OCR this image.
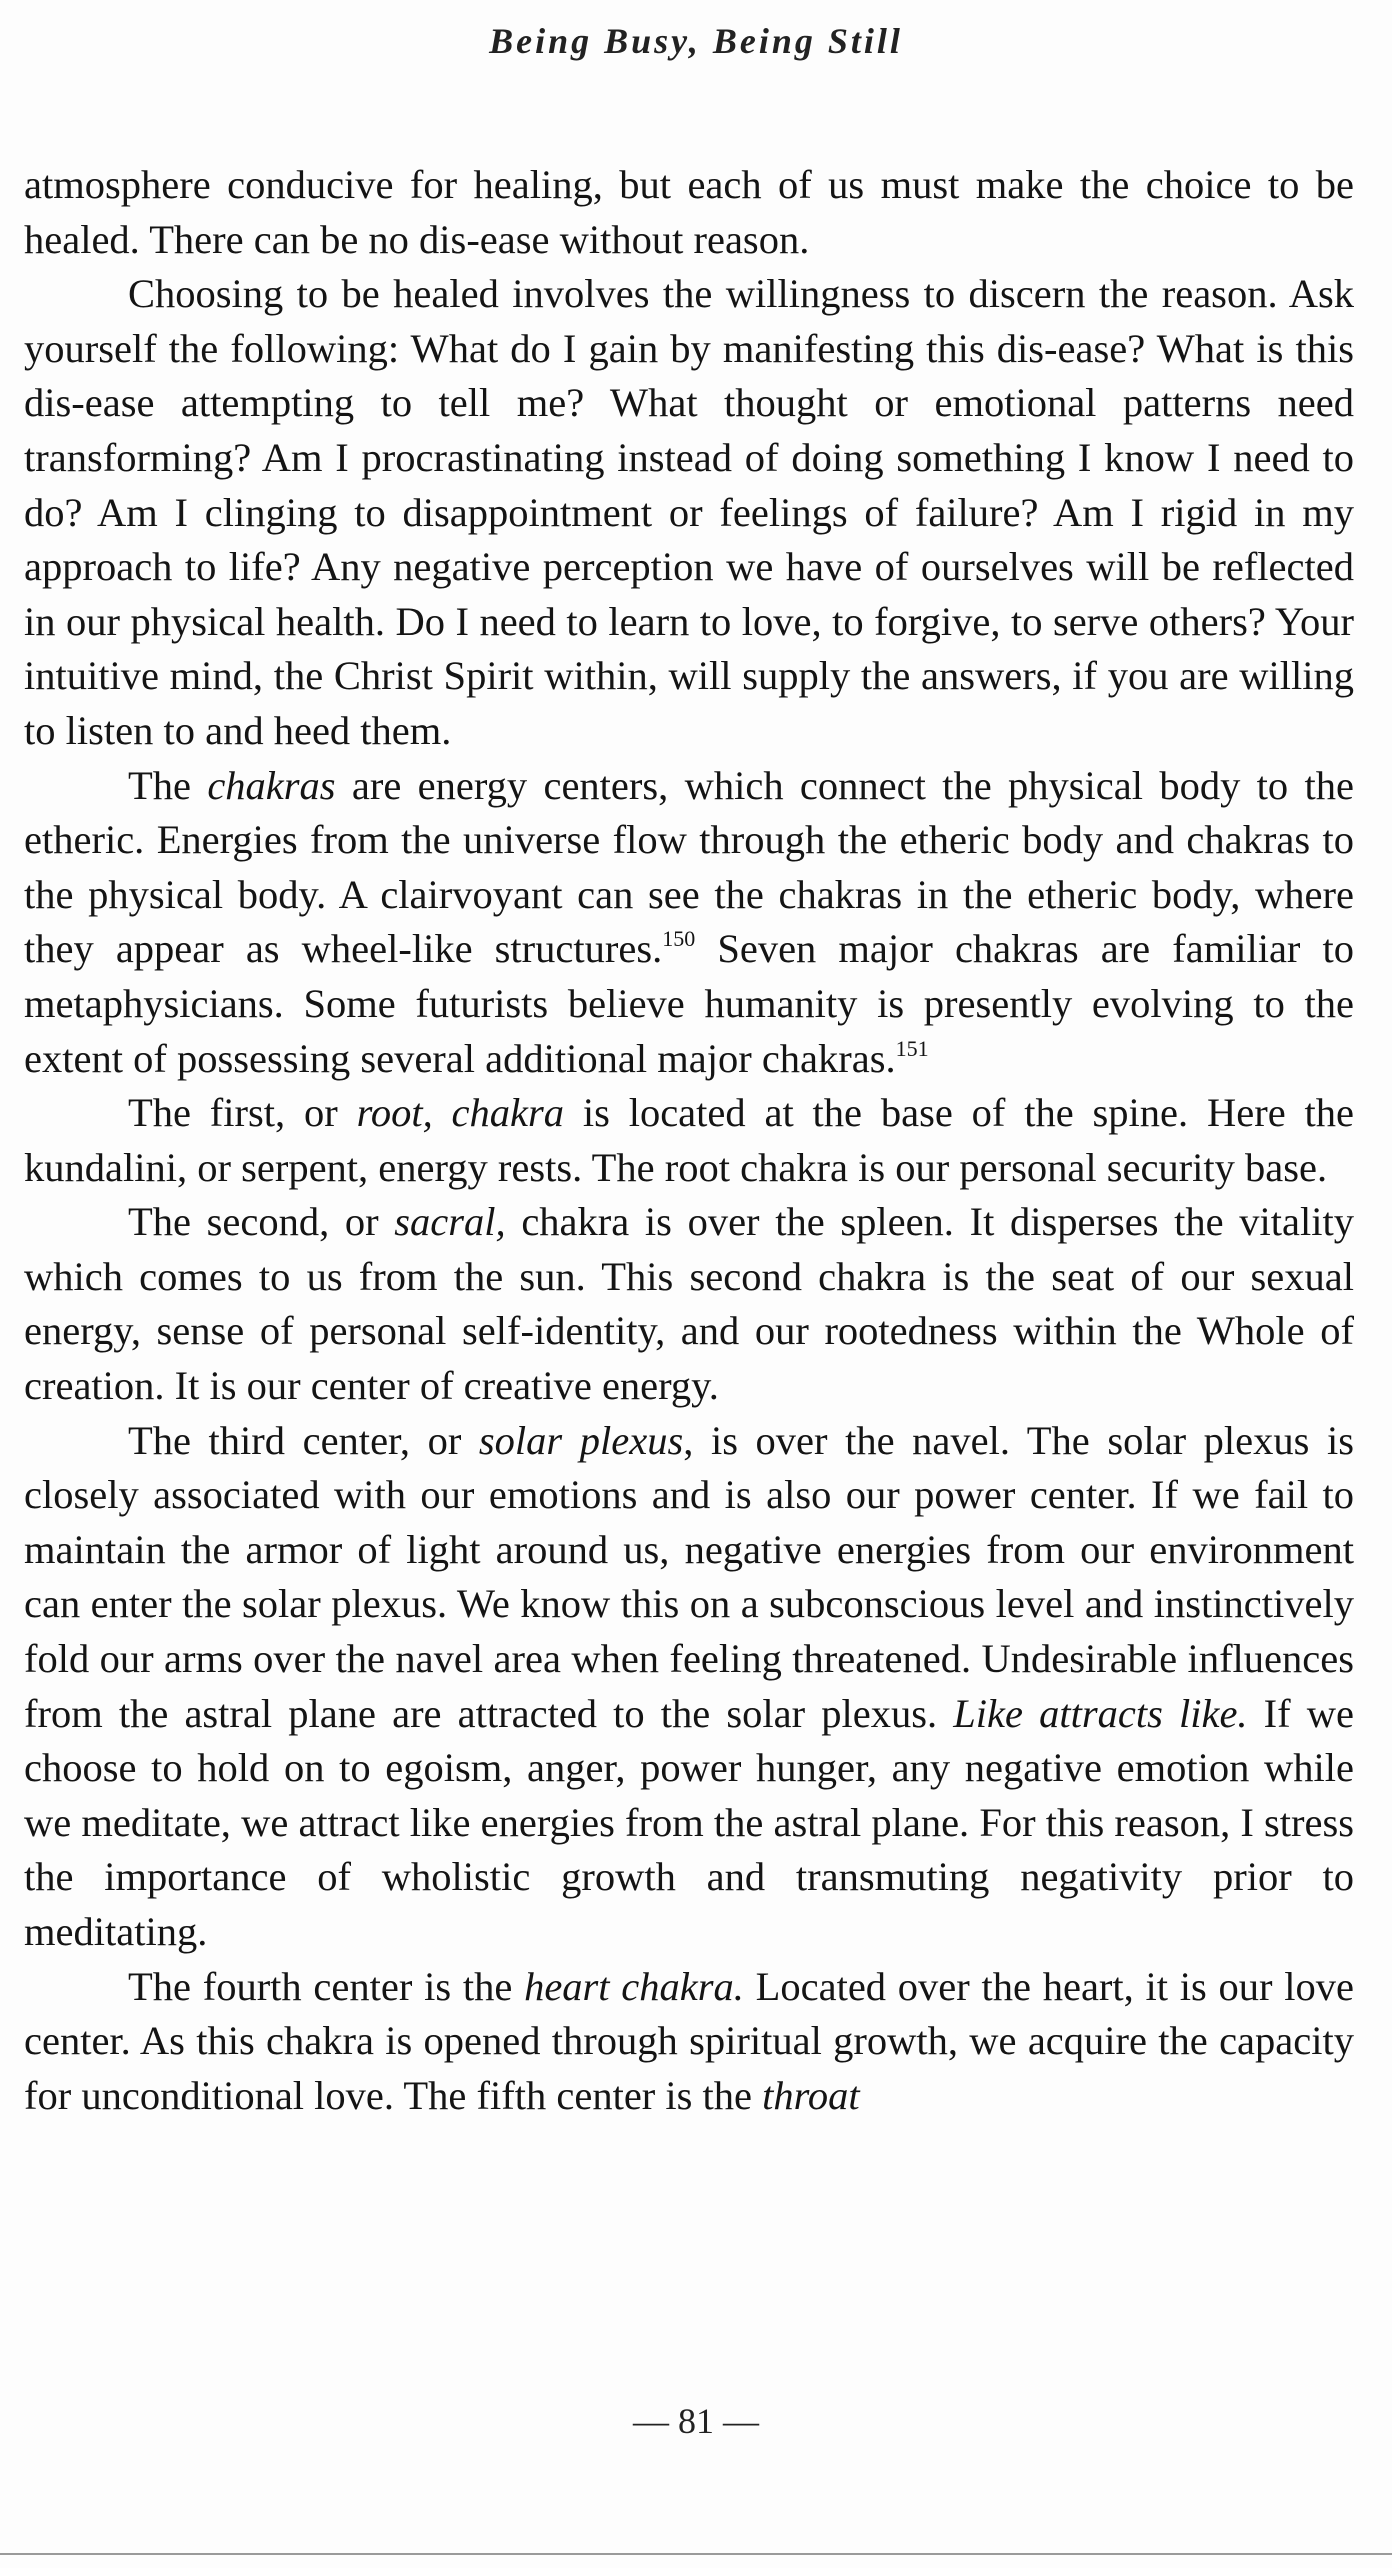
Being Busy, Being Still

atmosphere conducive for healing, but each of us must make the choice to be healed. There can be no dis-ease without reason.

Choosing to be healed involves the willingness to discern the reason. Ask yourself the following: What do I gain by manifesting this dis-ease? What is this dis-ease attempting to tell me? What thought or emotional patterns need transforming? Am I procrastinating instead of doing something I know I need to do? Am I clinging to disappointment or feelings of failure? Am I rigid in my approach to life? Any negative perception we have of ourselves will be reflected in our physical health. Do I need to learn to love, to forgive, to serve others? Your intuitive mind, the Christ Spirit within, will supply the answers, if you are willing to listen to and heed them.

The chakras are energy centers, which connect the physical body to the etheric. Energies from the universe flow through the etheric body and chakras to the physical body. A clairvoyant can see the chakras in the etheric body, where they appear as wheel-like structures.$^{150}$ Seven major chakras are familiar to metaphysicians. Some futurists believe humanity is presently evolving to the extent of possessing several additional major chakras.$^{151}$

The first, or root, chakra is located at the base of the spine. Here the kundalini, or serpent, energy rests. The root chakra is our personal security base.

The second, or sacral, chakra is over the spleen. It disperses the vitality which comes to us from the sun. This second chakra is the seat of our sexual energy, sense of personal self-identity, and our rootedness within the Whole of creation. It is our center of creative energy.

The third center, or solar plexus, is over the navel. The solar plexus is closely associated with our emotions and is also our power center. If we fail to maintain the armor of light around us, negative energies from our environment can enter the solar plexus. We know this on a subconscious level and instinctively fold our arms over the navel area when feeling threatened. Undesirable influences from the astral plane are attracted to the solar plexus. Like attracts like. If we choose to hold on to egoism, anger, power hunger, any negative emotion while we meditate, we attract like energies from the astral plane. For this reason, I stress the importance of wholistic growth and transmuting negativity prior to meditating.

The fourth center is the heart chakra. Located over the heart, it is our love center. As this chakra is opened through spiritual growth, we acquire the capacity for unconditional love. The fifth center is the throat

— 81 —
